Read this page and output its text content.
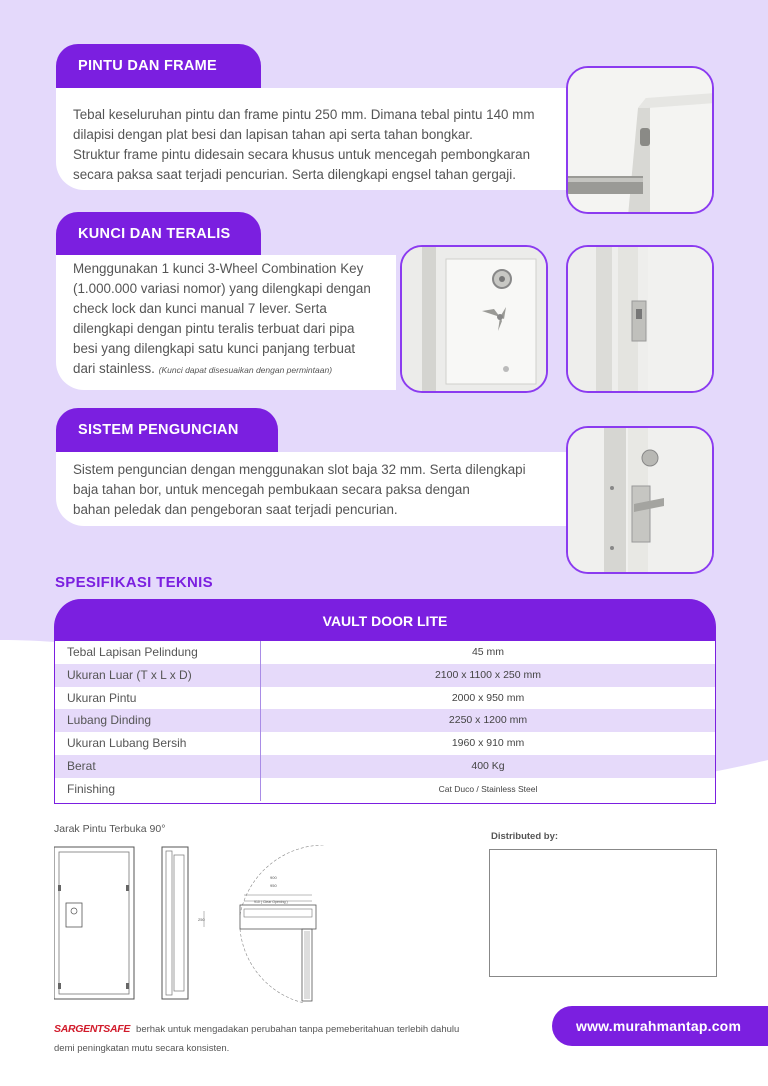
PINTU DAN FRAME
Tebal keseluruhan pintu dan frame pintu 250 mm. Dimana tebal pintu 140 mm
dilapisi dengan plat besi dan lapisan tahan api serta tahan bongkar.
Struktur frame pintu didesain secara khusus untuk mencegah pembongkaran
secara paksa saat terjadi pencurian. Serta dilengkapi engsel tahan gergaji.
KUNCI DAN TERALIS
Menggunakan 1 kunci 3-Wheel Combination Key
(1.000.000 variasi nomor) yang dilengkapi dengan
check lock dan kunci manual 7 lever. Serta
dilengkapi dengan pintu teralis terbuat dari pipa
besi yang dilengkapi satu kunci panjang terbuat
dari stainless. (Kunci dapat disesuaikan dengan permintaan)
SISTEM PENGUNCIAN
Sistem penguncian dengan menggunakan slot baja 32 mm. Serta dilengkapi
baja tahan bor, untuk mencegah pembukaan secara paksa dengan
bahan peledak dan pengeboran saat terjadi pencurian.
SPESIFIKASI TEKNIS
VAULT DOOR LITE
Tebal Lapisan Pelindung	45 mm
Ukuran Luar (T x L x D)	2100 x 1100 x 250 mm
Ukuran Pintu	2000 x 950 mm
Lubang Dinding	2250 x 1200 mm
Ukuran Lubang Bersih	1960 x 910 mm
Berat	400 Kg
Finishing	Cat Duco / Stainless Steel
Jarak Pintu Terbuka 90°
900
950
910 ( Clear Opening )
250
Distributed by:
SARGENTSAFE berhak untuk mengadakan perubahan tanpa pemeberitahuan terlebih dahulu
demi peningkatan mutu secara konsisten.
www.murahmantap.com
